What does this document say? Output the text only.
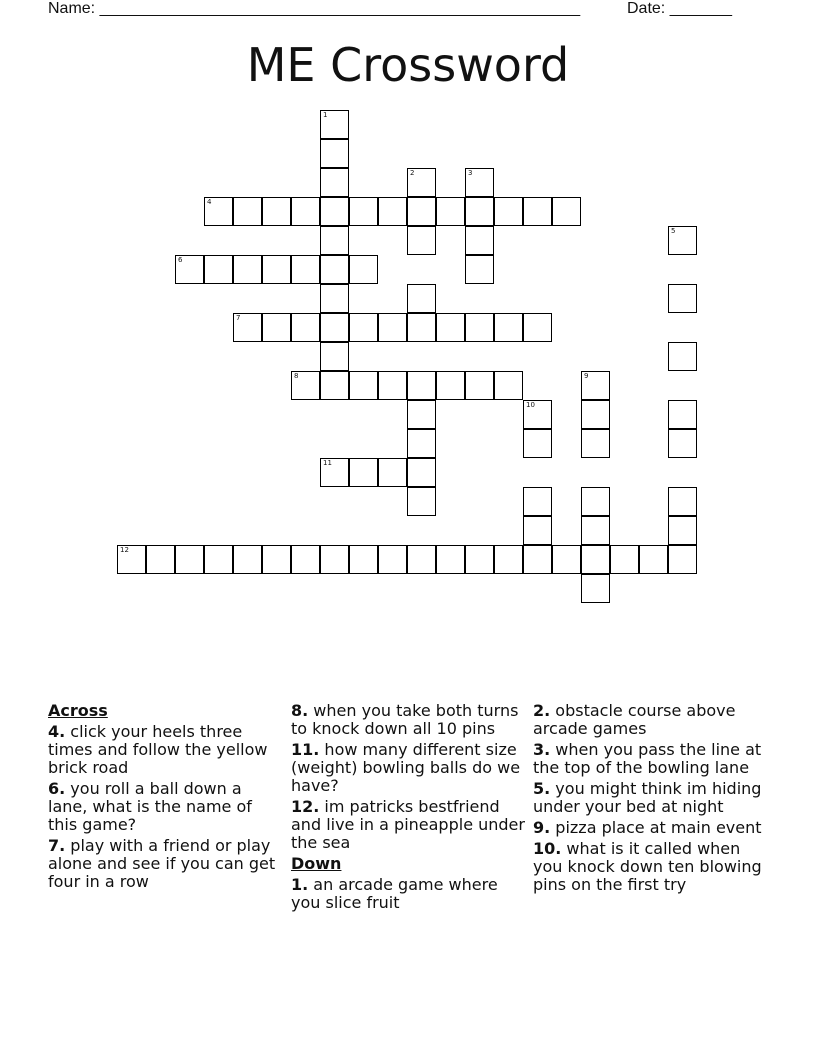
Name: ______________________________________________________	Date: _______
ME Crossword
4
6
7
8
11
12
1
2	3
5
9
10
Across
4. click your heels three times and follow the yellow brick road
6. you roll a ball down a lane, what is the name of this game?
7. play with a friend or play alone and see if you can get four in a row
8. when you take both turns to knock down all 10 pins
11. how many different size (weight) bowling balls do we have?
12. im patricks bestfriend and live in a pineapple under the sea
Down
1. an arcade game where you slice fruit
2. obstacle course above arcade games
3. when you pass the line at the top of the bowling lane
5. you might think im hiding under your bed at night
9. pizza place at main event
10. what is it called when you knock down ten blowing pins on the first try
